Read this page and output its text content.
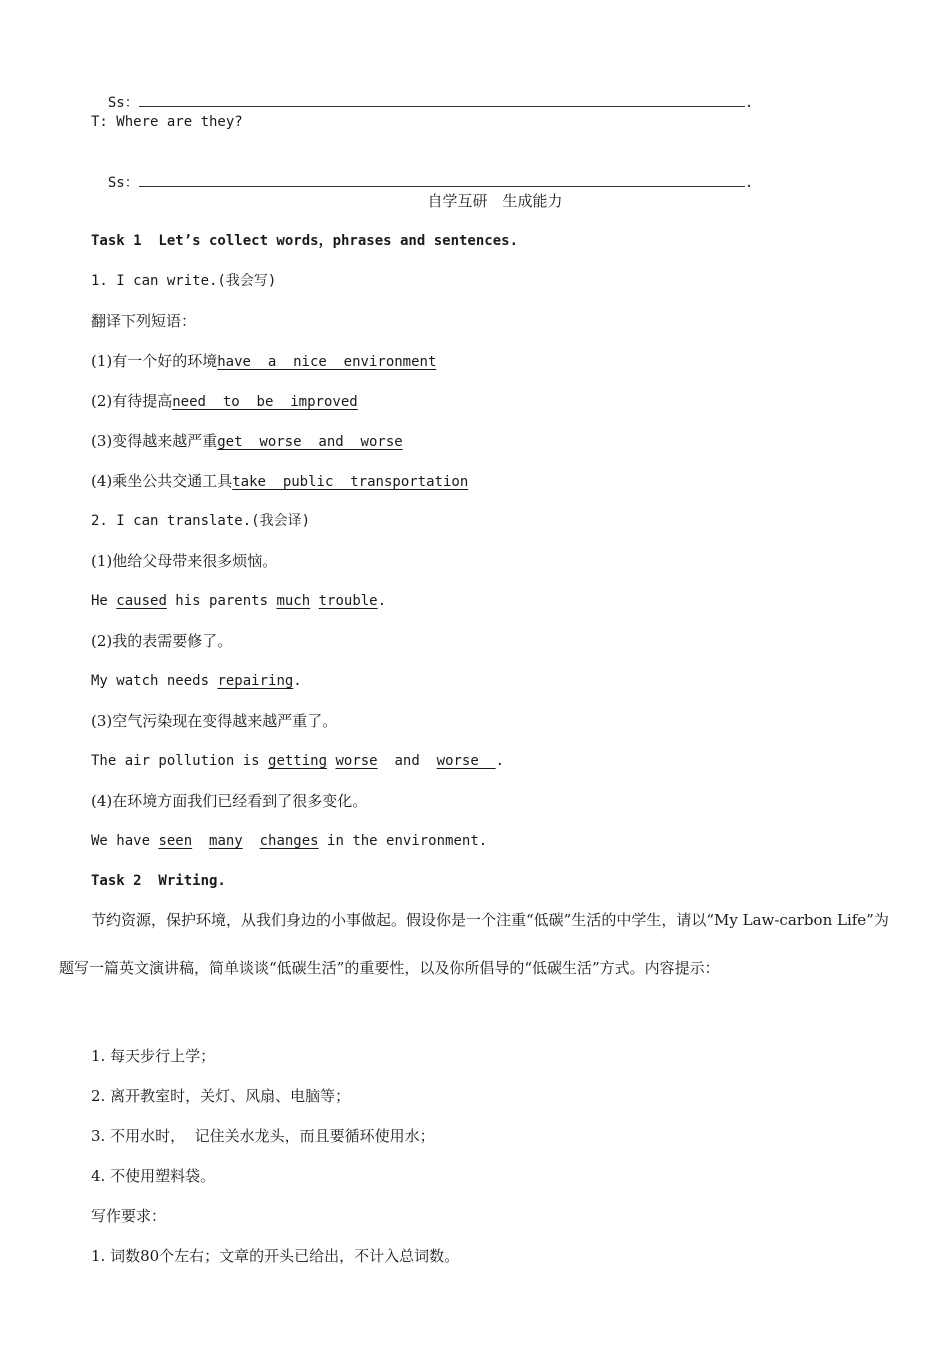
Ss：	.

T: Where are they?

Ss：	.

自学互研　生成能力
Task 1  Let’s collect words，phrases and sentences.
1. I can write.(我会写)
翻译下列短语：
(1)有一个好的环境have  a  nice  environment
(2)有待提高need  to  be  improved
(3)变得越来越严重get  worse  and  worse
(4)乘坐公共交通工具take  public  transportation
2. I can translate.(我会译)
(1)他给父母带来很多烦恼。
He caused his parents much trouble.
(2)我的表需要修了。
My watch needs repairing.
(3)空气污染现在变得越来越严重了。
The air pollution is getting worse  and  worse  .
(4)在环境方面我们已经看到了很多变化。
We have seen many changes in the environment.
Task 2  Writing.
节约资源，保护环境，从我们身边的小事做起。假设你是一个注重“低碳”生活的中学生，请以“My Law-carbon Life”为题写一篇英文演讲稿，简单谈谈“低碳生活”的重要性，以及你所倡导的“低碳生活”方式。内容提示：
1. 每天步行上学；
2. 离开教室时，关灯、风扇、电脑等；
3. 不用水时，  记住关水龙头，而且要循环使用水；
4. 不使用塑料袋。
写作要求：
1. 词数80个左右；文章的开头已给出，不计入总词数。
